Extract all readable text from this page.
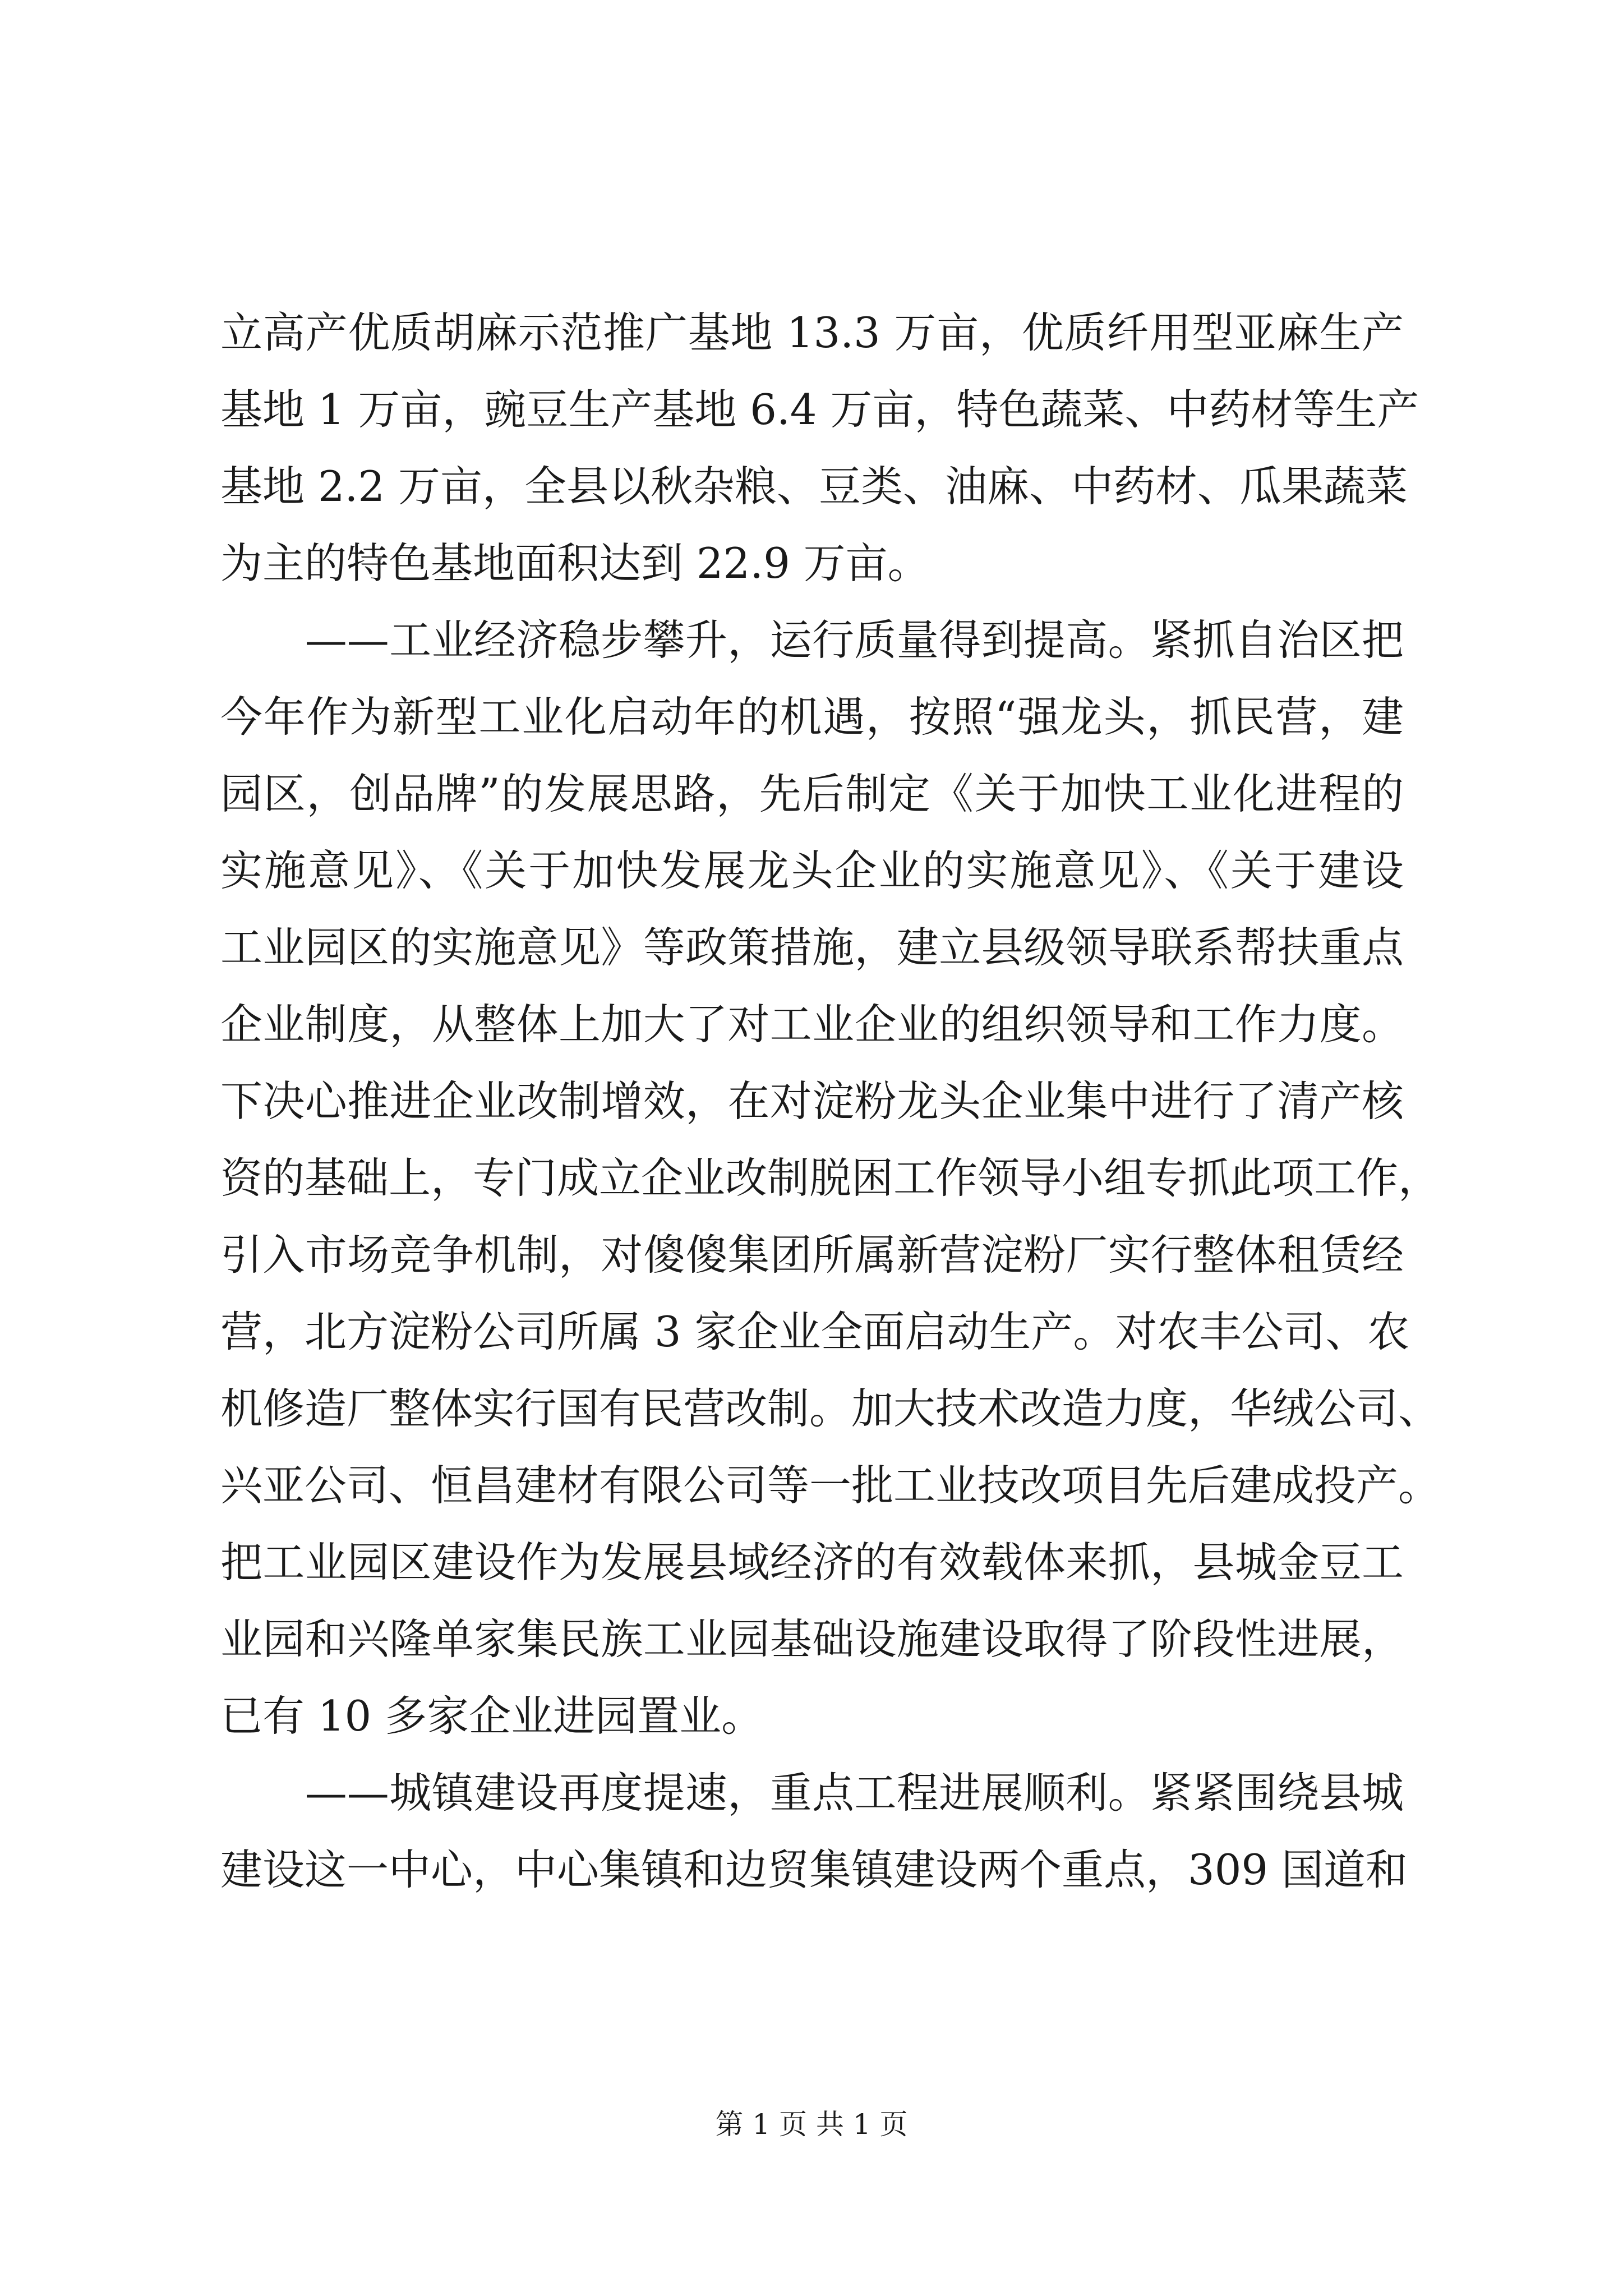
立高产优质胡麻示范推广基地 13.3 万亩，优质纤用型亚麻生产
基地 1 万亩，豌豆生产基地 6.4 万亩，特色蔬菜、中药材等生产
基地 2.2 万亩，全县以秋杂粮、豆类、油麻、中药材、瓜果蔬菜
为主的特色基地面积达到 22.9 万亩。
　　——工业经济稳步攀升，运行质量得到提高。紧抓自治区把
今年作为新型工业化启动年的机遇，按照“强龙头，抓民营，建
园区，创品牌”的发展思路，先后制定《关于加快工业化进程的
实施意见》、《关于加快发展龙头企业的实施意见》、《关于建设
工业园区的实施意见》等政策措施，建立县级领导联系帮扶重点
企业制度，从整体上加大了对工业企业的组织领导和工作力度。
下决心推进企业改制增效，在对淀粉龙头企业集中进行了清产核
资的基础上，专门成立企业改制脱困工作领导小组专抓此项工作，
引入市场竞争机制，对傻傻集团所属新营淀粉厂实行整体租赁经
营，北方淀粉公司所属 3 家企业全面启动生产。对农丰公司、农
机修造厂整体实行国有民营改制。加大技术改造力度，华绒公司、
兴亚公司、恒昌建材有限公司等一批工业技改项目先后建成投产。
把工业园区建设作为发展县域经济的有效载体来抓，县城金豆工
业园和兴隆单家集民族工业园基础设施建设取得了阶段性进展，
已有 10 多家企业进园置业。
　　——城镇建设再度提速，重点工程进展顺利。紧紧围绕县城
建设这一中心，中心集镇和边贸集镇建设两个重点，309 国道和
第 1 页 共 1 页
